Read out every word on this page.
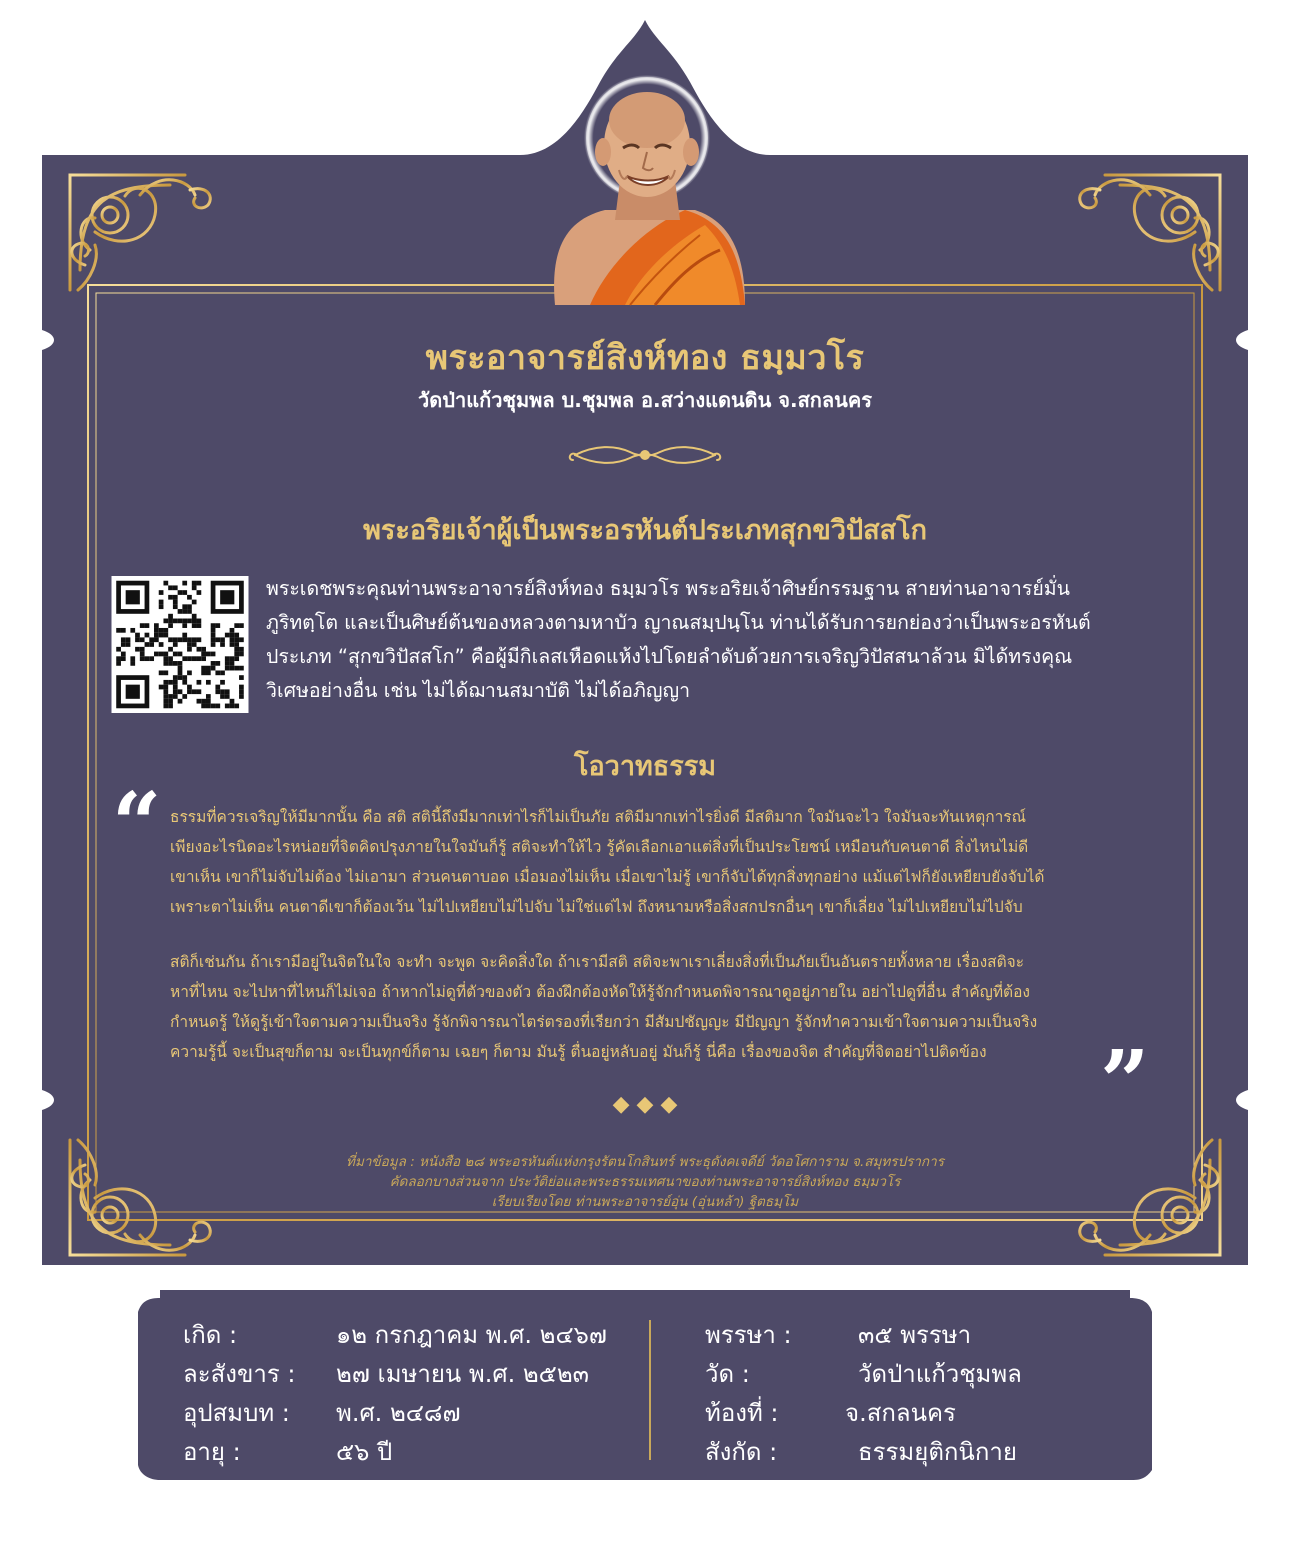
พระอาจารย์สิงห์ทอง ธมฺมวโร
วัดป่าแก้วชุมพล บ.ชุมพล อ.สว่างแดนดิน จ.สกลนคร
พระอริยเจ้าผู้เป็นพระอรหันต์ประเภทสุกขวิปัสสโก
พระเดชพระคุณท่านพระอาจารย์สิงห์ทอง ธมฺมวโร พระอริยเจ้าศิษย์กรรมฐาน สายท่านอาจารย์มั่น
ภูริทตฺโต และเป็นศิษย์ต้นของหลวงตามหาบัว ญาณสมฺปนฺโน ท่านได้รับการยกย่องว่าเป็นพระอรหันต์
ประเภท “สุกขวิปัสสโก” คือผู้มีกิเลสเหือดแห้งไปโดยลำดับด้วยการเจริญวิปัสสนาล้วน มิได้ทรงคุณ
วิเศษอย่างอื่น เช่น ไม่ได้ฌานสมาบัติ ไม่ได้อภิญญา
โอวาทธรรม
“ ธรรมที่ควรเจริญให้มีมากนั้น คือ สติ สตินี้ถึงมีมากเท่าไรก็ไม่เป็นภัย สติมีมากเท่าไรยิ่งดี มีสติมาก ใจมันจะไว ใจมันจะทันเหตุการณ์
เพียงอะไรนิดอะไรหน่อยที่จิตคิดปรุงภายในใจมันก็รู้ สติจะทำให้ไว รู้คัดเลือกเอาแต่สิ่งที่เป็นประโยชน์ เหมือนกับคนตาดี สิ่งไหนไม่ดี
เขาเห็น เขาก็ไม่จับไม่ต้อง ไม่เอามา ส่วนคนตาบอด เมื่อมองไม่เห็น เมื่อเขาไม่รู้ เขาก็จับได้ทุกสิ่งทุกอย่าง แม้แต่ไฟก็ยังเหยียบยังจับได้
เพราะตาไม่เห็น คนตาดีเขาก็ต้องเว้น ไม่ไปเหยียบไม่ไปจับ ไม่ใช่แต่ไฟ ถึงหนามหรือสิ่งสกปรกอื่นๆ เขาก็เลี่ยง ไม่ไปเหยียบไม่ไปจับ
สติก็เช่นกัน ถ้าเรามีอยู่ในจิตในใจ จะทำ จะพูด จะคิดสิ่งใด ถ้าเรามีสติ สติจะพาเราเลี่ยงสิ่งที่เป็นภัยเป็นอันตรายทั้งหลาย เรื่องสติจะ
หาที่ไหน จะไปหาที่ไหนก็ไม่เจอ ถ้าหากไม่ดูที่ตัวของตัว ต้องฝึกต้องหัดให้รู้จักกำหนดพิจารณาดูอยู่ภายใน อย่าไปดูที่อื่น สำคัญที่ต้อง
กำหนดรู้ ให้ดูรู้เข้าใจตามความเป็นจริง รู้จักพิจารณาไตร่ตรองที่เรียกว่า มีสัมปชัญญะ มีปัญญา รู้จักทำความเข้าใจตามความเป็นจริง
ความรู้นี้ จะเป็นสุขก็ตาม จะเป็นทุกข์ก็ตาม เฉยๆ ก็ตาม มันรู้ ตื่นอยู่หลับอยู่ มันก็รู้ นี่คือ เรื่องของจิต สำคัญที่จิตอย่าไปติดข้อง	”
◆ ◆ ◆
ที่มาข้อมูล : หนังสือ ๒๘ พระอรหันต์แห่งกรุงรัตนโกสินทร์ พระธุดังคเจดีย์ วัดอโศการาม จ.สมุทรปราการ
คัดลอกบางส่วนจาก ประวัติย่อและพระธรรมเทศนาของท่านพระอาจารย์สิงห์ทอง ธมฺมวโร
เรียบเรียงโดย ท่านพระอาจารย์อุ่น (อุ่นหล้า) ฐิตธมฺโม
เกิด :	๑๒ กรกฎาคม พ.ศ. ๒๔๖๗
ละสังขาร : ๒๗ เมษายน พ.ศ. ๒๕๒๓
อุปสมบท : พ.ศ. ๒๔๘๗
อายุ :	๕๖ ปี
พรรษา :	๓๕ พรรษา
วัด :	วัดป่าแก้วชุมพล
ท้องที่ :	จ.สกลนคร
สังกัด :	ธรรมยุติกนิกาย
